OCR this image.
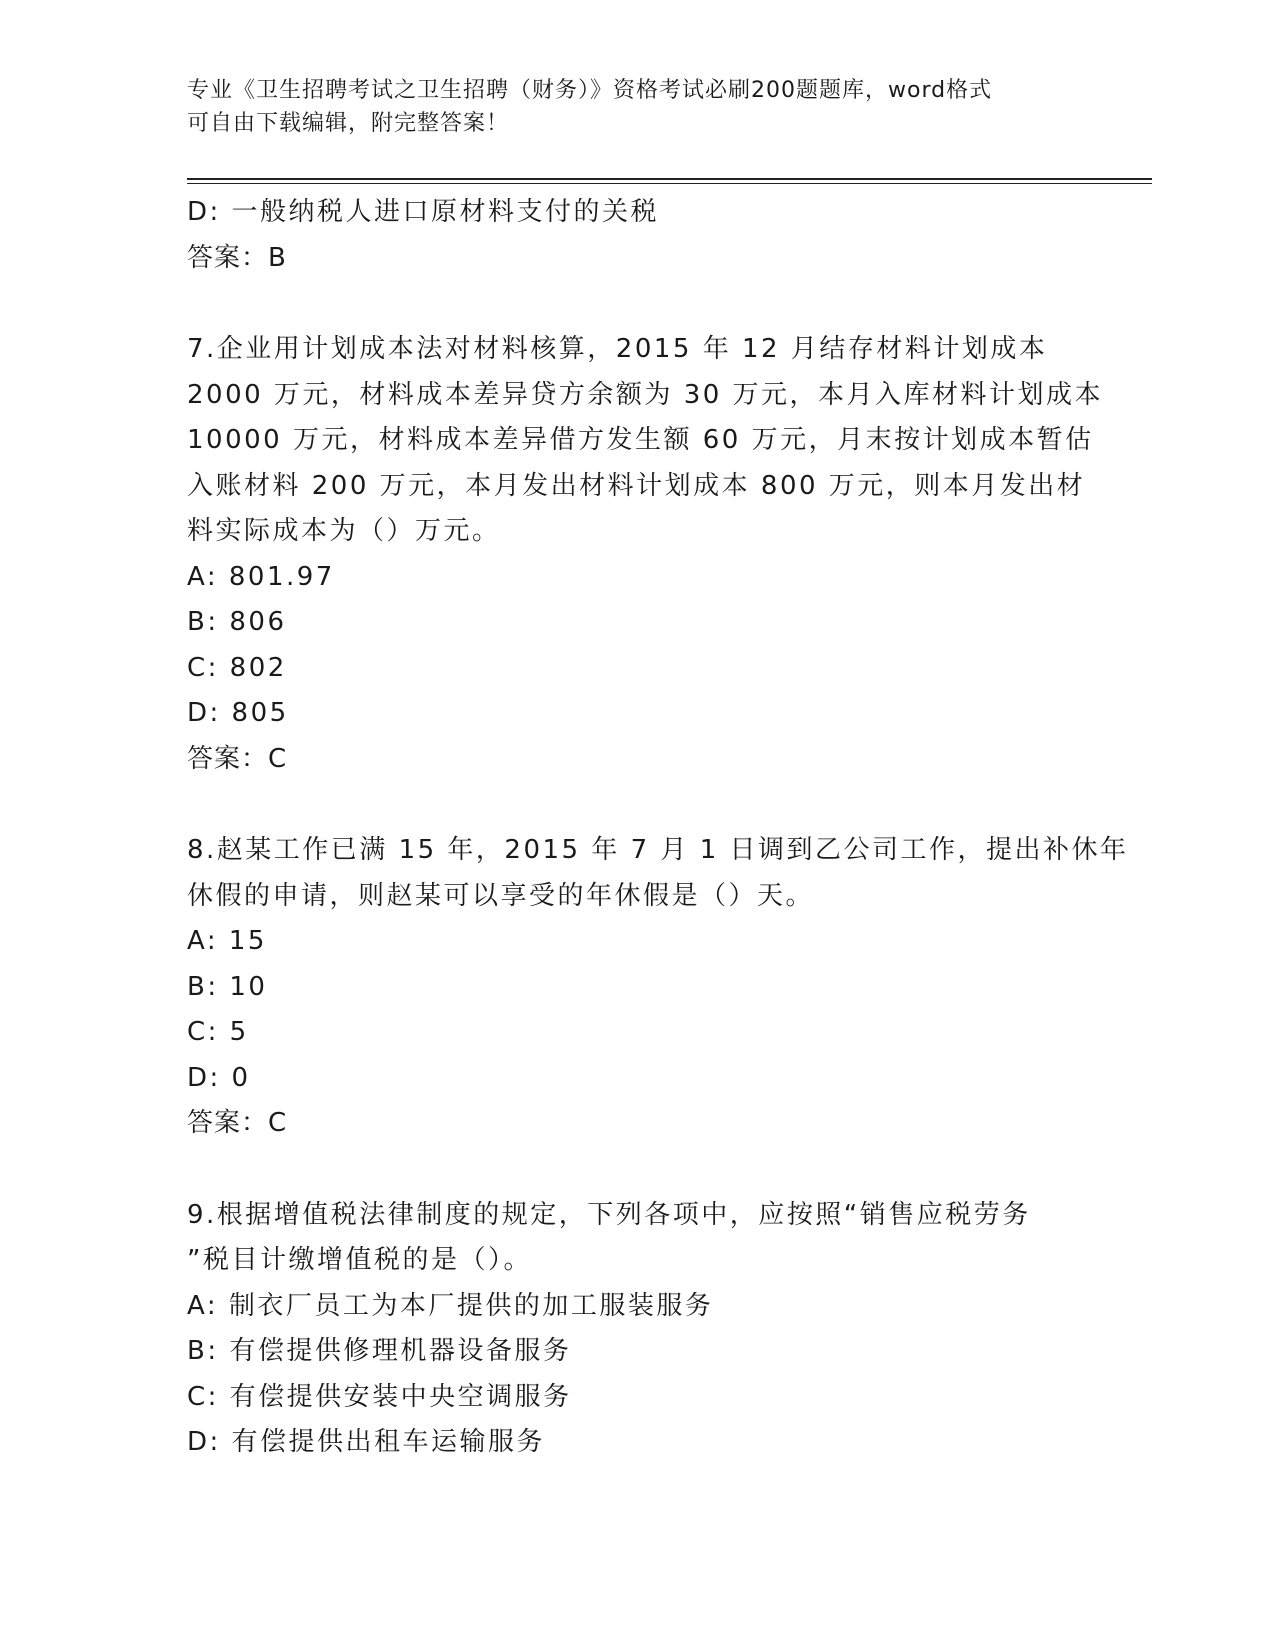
专业《卫生招聘考试之卫生招聘（财务）》资格考试必刷200题题库，word格式
可自由下载编辑，附完整答案！
D: 一般纳税人进口原材料支付的关税
答案：B
7.企业用计划成本法对材料核算，2015 年 12 月结存材料计划成本
2000 万元，材料成本差异贷方余额为 30 万元，本月入库材料计划成本
10000 万元，材料成本差异借方发生额 60 万元，月末按计划成本暂估
入账材料 200 万元，本月发出材料计划成本 800 万元，则本月发出材
料实际成本为（）万元。
A: 801.97
B: 806
C: 802
D: 805
答案：C
8.赵某工作已满 15 年，2015 年 7 月 1 日调到乙公司工作，提出补休年
休假的申请，则赵某可以享受的年休假是（）天。
A: 15
B: 10
C: 5
D: 0
答案：C
9.根据增值税法律制度的规定，下列各项中，应按照“销售应税劳务
”税目计缴增值税的是（）。
A: 制衣厂员工为本厂提供的加工服装服务
B: 有偿提供修理机器设备服务
C: 有偿提供安装中央空调服务
D: 有偿提供出租车运输服务
